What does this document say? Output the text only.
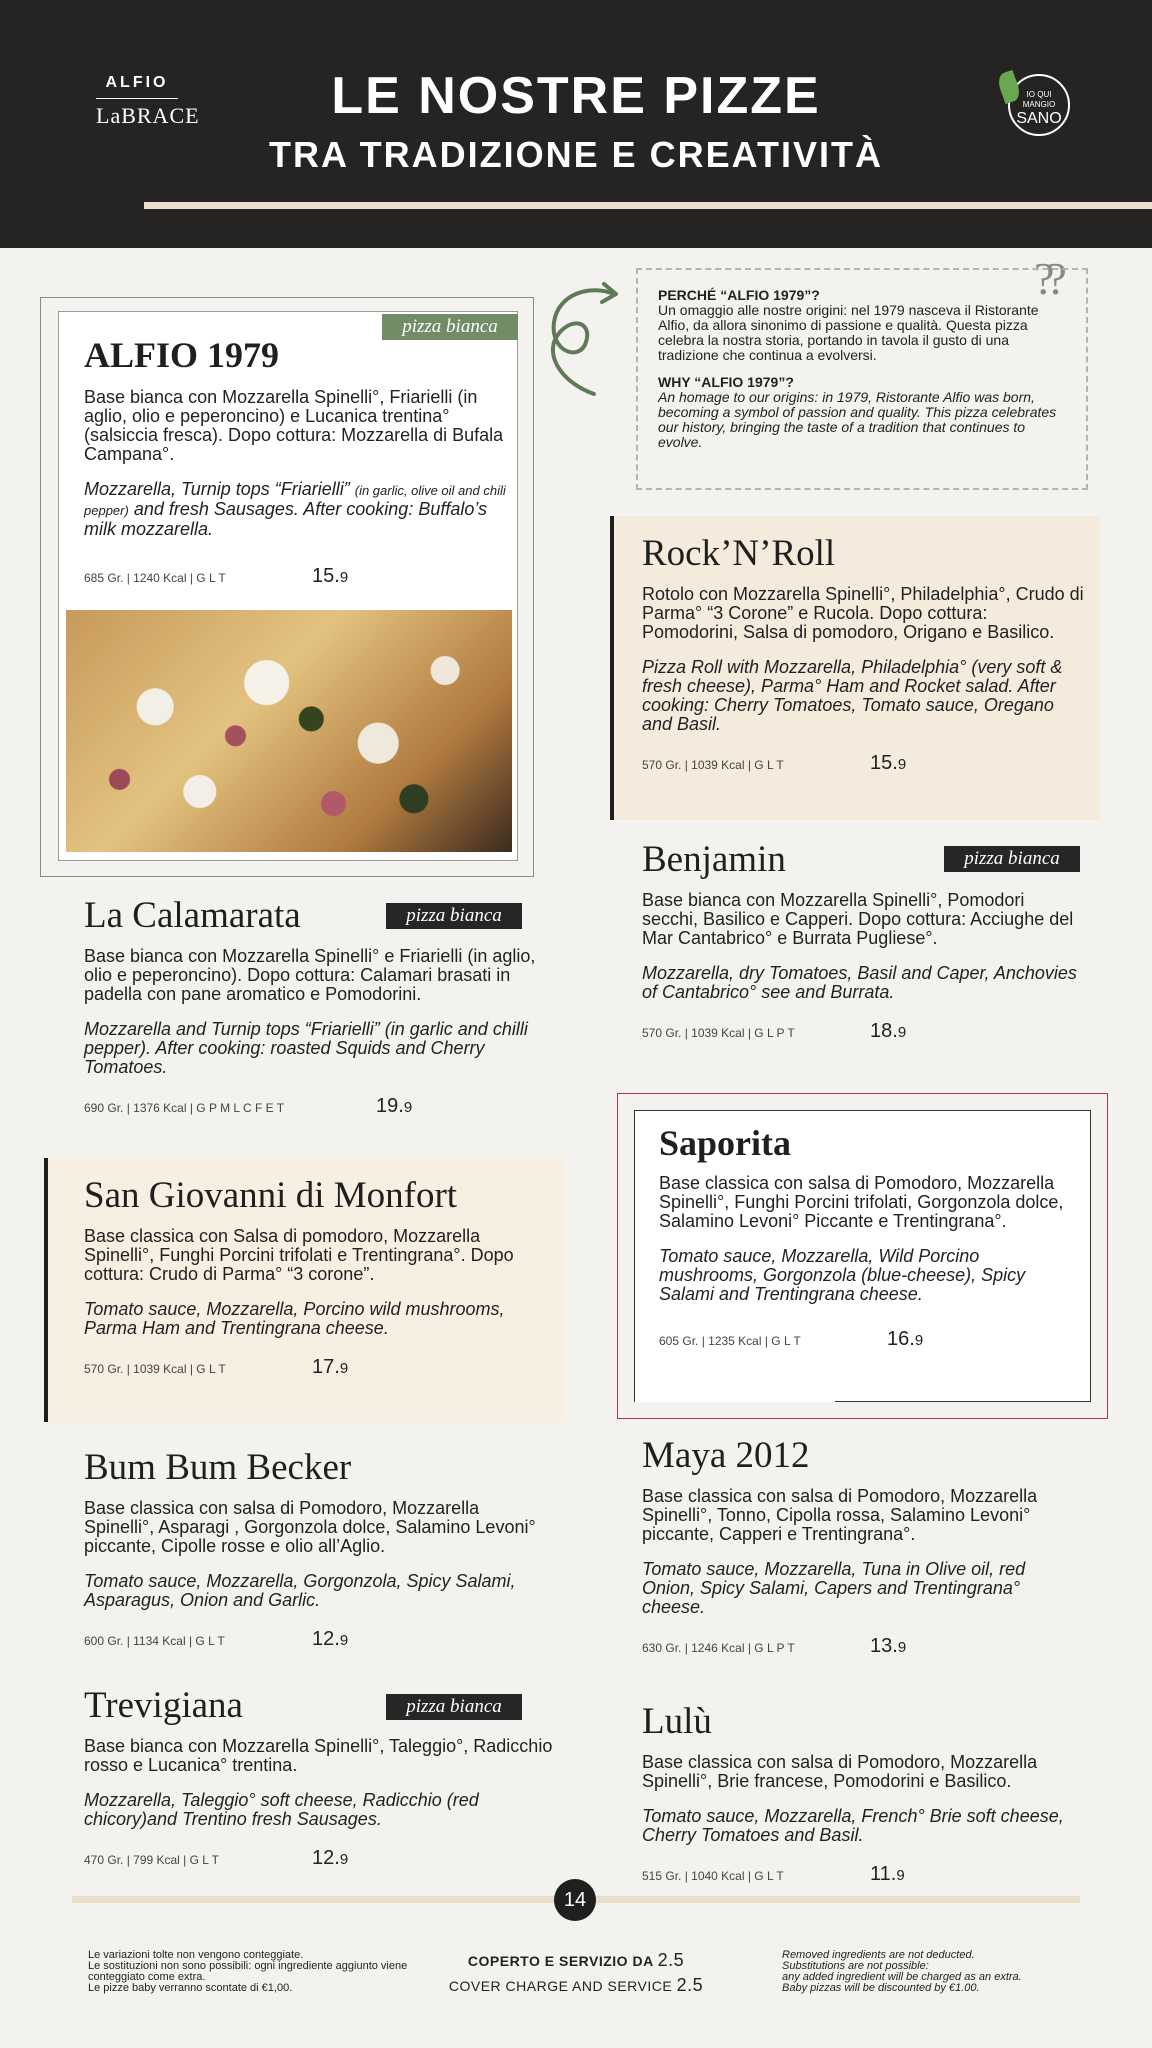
ALFIO
LaBRACE	LE NOSTRE PIZZE
TRA TRADIZIONE E CREATIVITÀ
IO QUI
MANGIO
SANO
pizza bianca
ALFIO 1979
Base bianca con Mozzarella Spinelli°, Friarielli (in aglio, olio e peperoncino) e Lucanica trentina° (salsiccia fresca). Dopo cottura: Mozzarella di Bufala Campana°.
Mozzarella, Turnip tops “Friarielli” (in garlic, olive oil and chili pepper) and fresh Sausages. After cooking: Buffalo’s milk mozzarella.
685 Gr. | 1240 Kcal | G L T	15.9
??
PERCHÉ “ALFIO 1979”?
Un omaggio alle nostre origini: nel 1979 nasceva il Ristorante Alfio, da allora sinonimo di passione e qualità. Questa pizza celebra la nostra storia, portando in tavola il gusto di una tradizione che continua a evolversi.
WHY “ALFIO 1979”?
An homage to our origins: in 1979, Ristorante Alfio was born, becoming a symbol of passion and quality. This pizza celebrates our history, bringing the taste of a tradition that continues to evolve.
Rock’N’Roll
Rotolo con Mozzarella Spinelli°, Philadelphia°, Crudo di Parma° “3 Corone” e Rucola. Dopo cottura: Pomodorini, Salsa di pomodoro, Origano e Basilico.
Pizza Roll with Mozzarella, Philadelphia° (very soft & fresh cheese), Parma° Ham and Rocket salad. After cooking: Cherry Tomatoes, Tomato sauce, Oregano and Basil.
570 Gr. | 1039 Kcal | G L T	15.9
pizza bianca
Benjamin
Base bianca con Mozzarella Spinelli°, Pomodori secchi, Basilico e Capperi. Dopo cottura: Acciughe del Mar Cantabrico° e Burrata Pugliese°.
Mozzarella, dry Tomatoes, Basil and Caper, Anchovies of Cantabrico° see and Burrata.
570 Gr. | 1039 Kcal | G L P T	18.9
pizza bianca
La Calamarata
Base bianca con Mozzarella Spinelli° e Friarielli (in aglio, olio e peperoncino). Dopo cottura: Calamari brasati in padella con pane aromatico e Pomodorini.
Mozzarella and Turnip tops “Friarielli” (in garlic and chilli pepper). After cooking: roasted Squids and Cherry Tomatoes.
690 Gr. | 1376 Kcal | G P M L C F E T	19.9
Saporita
Base classica con salsa di Pomodoro, Mozzarella Spinelli°, Funghi Porcini trifolati, Gorgonzola dolce, Salamino Levoni° Piccante e Trentingrana°.
Tomato sauce, Mozzarella, Wild Porcino mushrooms, Gorgonzola (blue-cheese), Spicy Salami and Trentingrana cheese.
605 Gr. | 1235 Kcal | G L T	16.9
San Giovanni di Monfort
Base classica con Salsa di pomodoro, Mozzarella Spinelli°, Funghi Porcini trifolati e Trentingrana°. Dopo cottura: Crudo di Parma° “3 corone”.
Tomato sauce, Mozzarella, Porcino wild mushrooms, Parma Ham and Trentingrana cheese.
570 Gr. | 1039 Kcal | G L T	17.9
Bum Bum Becker
Base classica con salsa di Pomodoro, Mozzarella Spinelli°, Asparagi , Gorgonzola dolce, Salamino Levoni° piccante, Cipolle rosse e olio all’Aglio.
Tomato sauce, Mozzarella, Gorgonzola, Spicy Salami, Asparagus, Onion and Garlic.
600 Gr. | 1134 Kcal | G L T	12.9
Maya 2012
Base classica con salsa di Pomodoro, Mozzarella Spinelli°, Tonno, Cipolla rossa, Salamino Levoni° piccante, Capperi e Trentingrana°.
Tomato sauce, Mozzarella, Tuna in Olive oil, red Onion, Spicy Salami, Capers and Trentingrana° cheese.
630 Gr. | 1246 Kcal | G L P T	13.9
pizza bianca
Trevigiana
Base bianca con Mozzarella Spinelli°, Taleggio°, Radicchio rosso e Lucanica° trentina.
Mozzarella, Taleggio° soft cheese, Radicchio (red chicory)and Trentino fresh Sausages.
470 Gr. | 799 Kcal | G L T	12.9
Lulù
Base classica con salsa di Pomodoro, Mozzarella Spinelli°, Brie francese, Pomodorini e Basilico.
Tomato sauce, Mozzarella, French° Brie soft cheese, Cherry Tomatoes and Basil.
515 Gr. | 1040 Kcal | G L T	11.9
14
Le variazioni tolte non vengono conteggiate.
Le sostituzioni non sono possibili: ogni ingrediente aggiunto viene conteggiato come extra.
Le pizze baby verranno scontate di €1,00.
COPERTO E SERVIZIO DA 2.5
COVER CHARGE AND SERVICE 2.5
Removed ingredients are not deducted.
Substitutions are not possible:
any added ingredient will be charged as an extra.
Baby pizzas will be discounted by €1.00.
